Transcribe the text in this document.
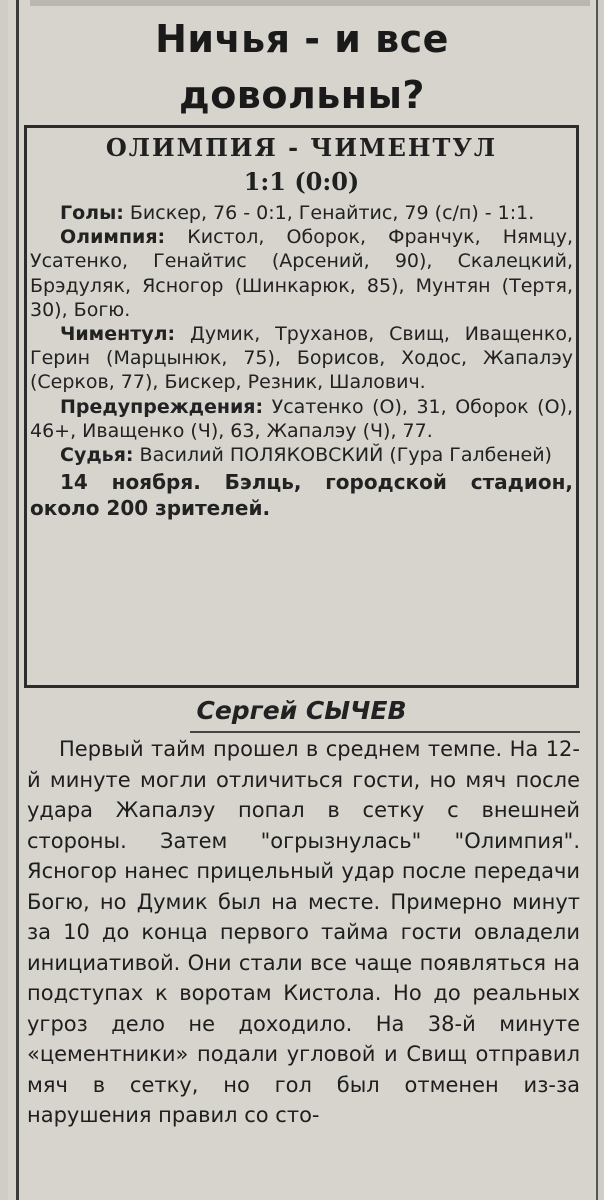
Ничья - и все
довольны?
ОЛИМПИЯ - ЧИМЕНТУЛ
1:1 (0:0)

Голы: Бискер, 76 - 0:1, Генайтис, 79 (с/п) - 1:1.

Олимпия: Кистол, Оборок, Франчук, Нямцу, Усатенко, Генайтис (Арсений, 90), Скалецкий, Брэдуляк, Ясногор (Шинкарюк, 85), Мунтян (Тертя, 30), Богю.

Чиментул: Думик, Труханов, Свищ, Иващенко, Герин (Марцынюк, 75), Борисов, Ходос, Жапалэу (Серков, 77), Бискер, Резник, Шалович.

Предупреждения: Усатенко (О), 31, Оборок (О), 46+, Иващенко (Ч), 63, Жапалэу (Ч), 77.

Судья: Василий ПОЛЯКОВСКИЙ (Гура Галбеней)

14 ноября. Бэлць, городской стадион, около 200 зрителей.

Сергей СЫЧЕВ
Первый тайм прошел в среднем темпе. На 12-й минуте могли отличиться гости, но мяч после удара Жапалэу попал в сетку с внешней стороны. Затем "огрызнулась" "Олимпия". Ясногор нанес прицельный удар после передачи Богю, но Думик был на месте. Примерно минут за 10 до конца первого тайма гости овладели инициативой. Они стали все чаще появляться на подступах к воротам Кистола. Но до реальных угроз дело не доходило. На 38-й минуте «цементники» подали угловой и Свищ отправил мяч в сетку, но гол был отменен из-за нарушения правил со сто-
